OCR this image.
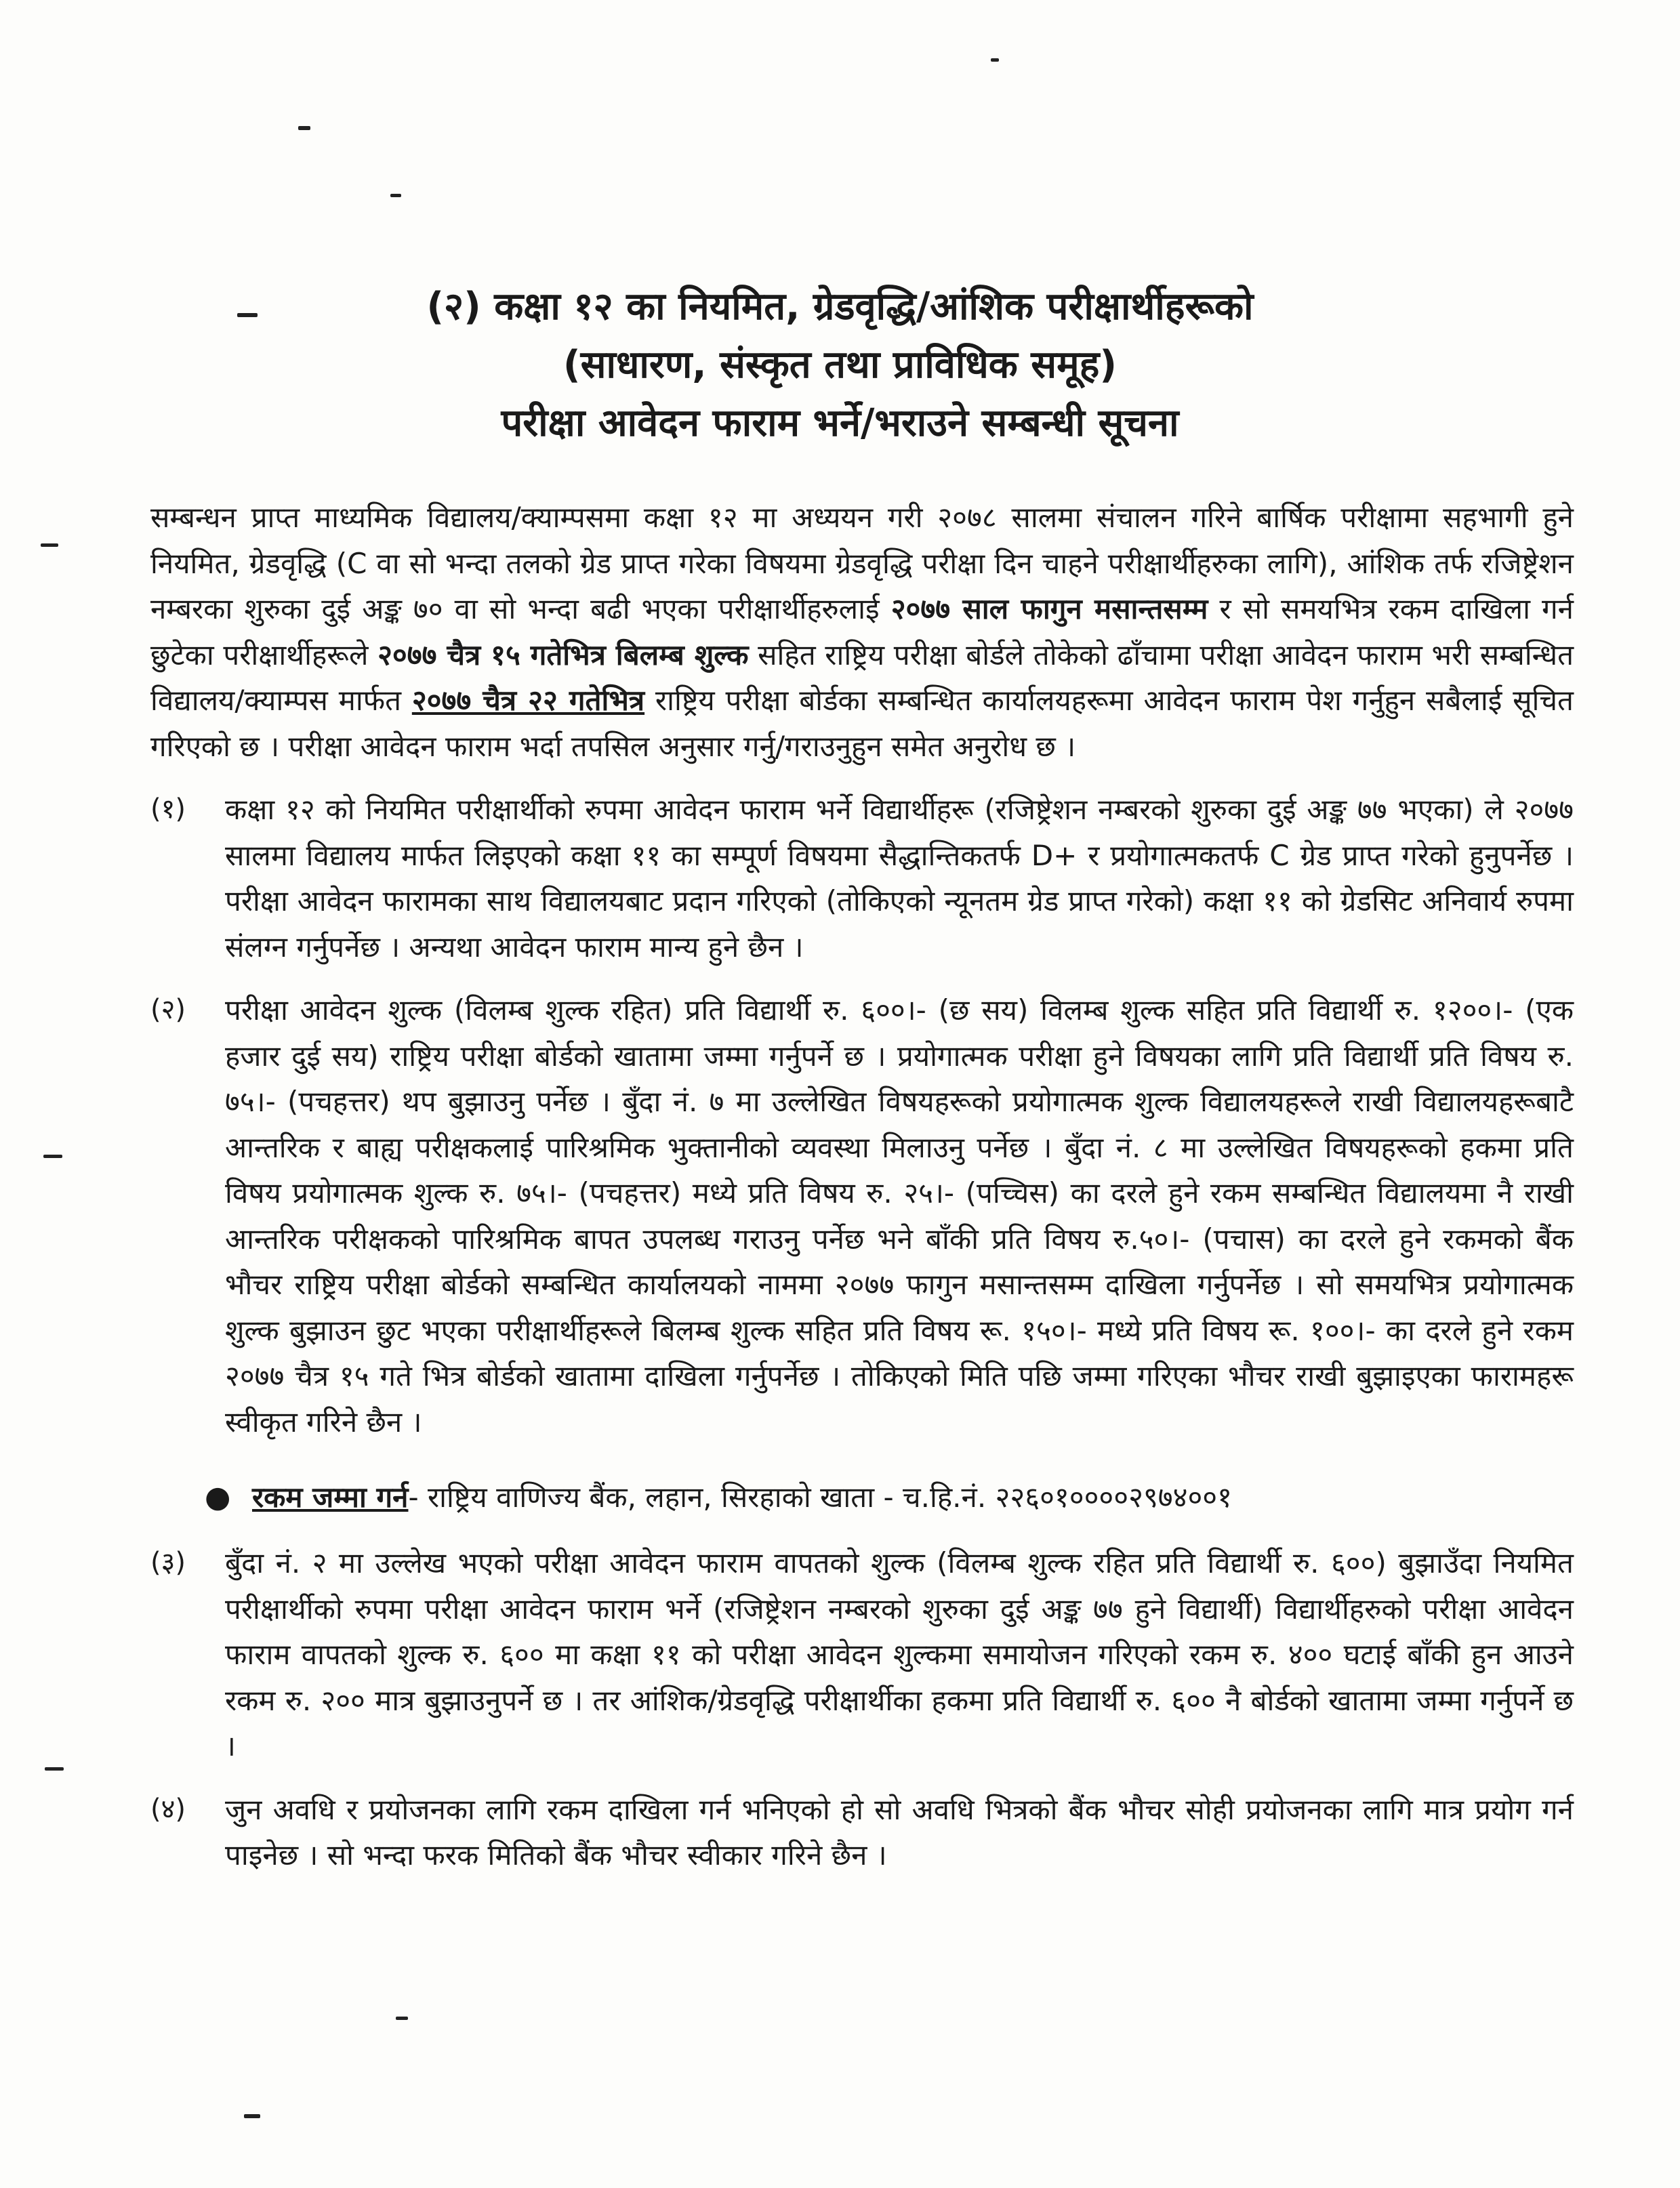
(२) कक्षा १२ का नियमित, ग्रेडवृद्धि/आंशिक परीक्षार्थीहरूको

(साधारण, संस्कृत तथा प्राविधिक समूह)

परीक्षा आवेदन फाराम भर्ने/भराउने सम्बन्धी सूचना

सम्बन्धन प्राप्त माध्यमिक विद्यालय/क्याम्पसमा कक्षा १२ मा अध्ययन गरी २०७८ सालमा संचालन गरिने बार्षिक परीक्षामा सहभागी हुने नियमित, ग्रेडवृद्धि (C वा सो भन्दा तलको ग्रेड प्राप्त गरेका विषयमा ग्रेडवृद्धि परीक्षा दिन चाहने परीक्षार्थीहरुका लागि), आंशिक तर्फ रजिष्ट्रेशन नम्बरका शुरुका दुई अङ्क ७० वा सो भन्दा बढी भएका परीक्षार्थीहरुलाई २०७७ साल फागुन मसान्तसम्म र सो समयभित्र रकम दाखिला गर्न छुटेका परीक्षार्थीहरूले २०७७ चैत्र १५ गतेभित्र बिलम्ब शुल्क सहित राष्ट्रिय परीक्षा बोर्डले तोकेको ढाँचामा परीक्षा आवेदन फाराम भरी सम्बन्धित विद्यालय/क्याम्पस मार्फत २०७७ चैत्र २२ गतेभित्र राष्ट्रिय परीक्षा बोर्डका सम्बन्धित कार्यालयहरूमा आवेदन फाराम पेश गर्नुहुन सबैलाई सूचित गरिएको छ । परीक्षा आवेदन फाराम भर्दा तपसिल अनुसार गर्नु/गराउनुहुन समेत अनुरोध छ ।

(१)	कक्षा १२ को नियमित परीक्षार्थीको रुपमा आवेदन फाराम भर्ने विद्यार्थीहरू (रजिष्ट्रेशन नम्बरको शुरुका दुई अङ्क ७७ भएका) ले २०७७ सालमा विद्यालय मार्फत लिइएको कक्षा ११ का सम्पूर्ण विषयमा सैद्धान्तिकतर्फ D+ र प्रयोगात्मकतर्फ C ग्रेड प्राप्त गरेको हुनुपर्नेछ । परीक्षा आवेदन फारामका साथ विद्यालयबाट प्रदान गरिएको (तोकिएको न्यूनतम ग्रेड प्राप्त गरेको) कक्षा ११ को ग्रेडसिट अनिवार्य रुपमा संलग्न गर्नुपर्नेछ । अन्यथा आवेदन फाराम मान्य हुने छैन ।

(२)	परीक्षा आवेदन शुल्क (विलम्ब शुल्क रहित) प्रति विद्यार्थी रु. ६००।- (छ सय) विलम्ब शुल्क सहित प्रति विद्यार्थी रु. १२००।- (एक हजार दुई सय) राष्ट्रिय परीक्षा बोर्डको खातामा जम्मा गर्नुपर्ने छ । प्रयोगात्मक परीक्षा हुने विषयका लागि प्रति विद्यार्थी प्रति विषय रु. ७५।- (पचहत्तर) थप बुझाउनु पर्नेछ । बुँदा नं. ७ मा उल्लेखित विषयहरूको प्रयोगात्मक शुल्क विद्यालयहरूले राखी विद्यालयहरूबाटै आन्तरिक र बाह्य परीक्षकलाई पारिश्रमिक भुक्तानीको व्यवस्था मिलाउनु पर्नेछ । बुँदा नं. ८ मा उल्लेखित विषयहरूको हकमा प्रति विषय प्रयोगात्मक शुल्क रु. ७५।- (पचहत्तर) मध्ये प्रति विषय रु. २५।- (पच्चिस) का दरले हुने रकम सम्बन्धित विद्यालयमा नै राखी आन्तरिक परीक्षकको पारिश्रमिक बापत उपलब्ध गराउनु पर्नेछ भने बाँकी प्रति विषय रु.५०।- (पचास) का दरले हुने रकमको बैंक भौचर राष्ट्रिय परीक्षा बोर्डको सम्बन्धित कार्यालयको नाममा २०७७ फागुन मसान्तसम्म दाखिला गर्नुपर्नेछ । सो समयभित्र प्रयोगात्मक शुल्क बुझाउन छुट भएका परीक्षार्थीहरूले बिलम्ब शुल्क सहित प्रति विषय रू. १५०।- मध्ये प्रति विषय रू. १००।- का दरले हुने रकम २०७७ चैत्र १५ गते भित्र बोर्डको खातामा दाखिला गर्नुपर्नेछ । तोकिएको मिति पछि जम्मा गरिएका भौचर राखी बुझाइएका फारामहरू स्वीकृत गरिने छैन ।

● रकम जम्मा गर्न- राष्ट्रिय वाणिज्य बैंक, लहान, सिरहाको खाता - च.हि.नं. २२६०१००००२९७४००१
(३)	बुँदा नं. २ मा उल्लेख भएको परीक्षा आवेदन फाराम वापतको शुल्क (विलम्ब शुल्क रहित प्रति विद्यार्थी रु. ६००) बुझाउँदा नियमित परीक्षार्थीको रुपमा परीक्षा आवेदन फाराम भर्ने (रजिष्ट्रेशन नम्बरको शुरुका दुई अङ्क ७७ हुने विद्यार्थी) विद्यार्थीहरुको परीक्षा आवेदन फाराम वापतको शुल्क रु. ६०० मा कक्षा ११ को परीक्षा आवेदन शुल्कमा समायोजन गरिएको रकम रु. ४०० घटाई बाँकी हुन आउने रकम रु. २०० मात्र बुझाउनुपर्ने छ । तर आंशिक/ग्रेडवृद्धि परीक्षार्थीका हकमा प्रति विद्यार्थी रु. ६०० नै बोर्डको खातामा जम्मा गर्नुपर्ने छ ।

(४)	जुन अवधि र प्रयोजनका लागि रकम दाखिला गर्न भनिएको हो सो अवधि भित्रको बैंक भौचर सोही प्रयोजनका लागि मात्र प्रयोग गर्न पाइनेछ । सो भन्दा फरक मितिको बैंक भौचर स्वीकार गरिने छैन ।
